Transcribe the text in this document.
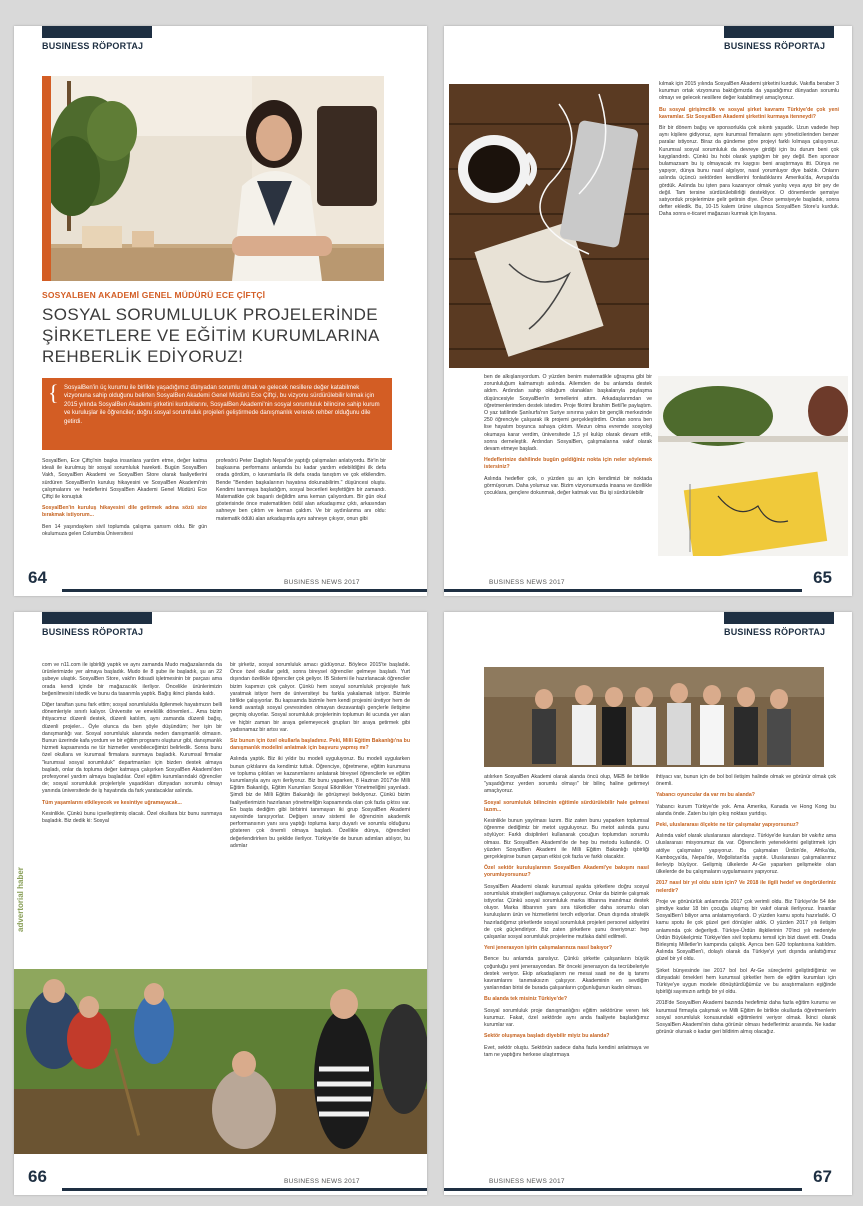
BUSINESS RÖPORTAJ
SOSYALBEN AKADEMİ GENEL MÜDÜRÜ ECE ÇİFTÇİ
SOSYAL SORUMLULUK PROJELERİNDE ŞİRKETLERE VE EĞİTİM KURUMLARINA REHBERLİK EDİYORUZ!
{ SosyalBen'in üç kurumu ile birlikte yaşadığımız dünyadan sorumlu olmak ve gelecek nesillere değer katabilmek vizyonuna sahip olduğunu belirten SosyalBen Akademi Genel Müdürü Ece Çiftçi, bu vizyonu sürdürülebilir kılmak için 2015 yılında SosyalBen Akademi şirketini kurduklarını, SosyalBen Akademi'nin sosyal sorumluluk bilincine sahip kurum ve kuruluşlar ile öğrenciler, doğru sosyal sorumluluk projeleri geliştirmede danışmanlık vererek rehber olduğunu dile getirdi.

SosyalBen, Ece Çiftçi'nin başka insanlara yardım etme, değer katma ideali ile kurulmuş bir sosyal sorumluluk hareketi. Bugün SosyalBen Vakfı, SosyalBen Akademi ve SosyalBen Store olarak faaliyetlerini sürdüren SosyalBen'in kuruluş hikayesini ve SosyalBen Akademi'nin çalışmalarını ve hedeflerini SosyalBen Akademi Genel Müdürü Ece Çiftçi ile konuştuk

SosyalBen'in kuruluş hikayesini dile getirmek adına sözü size bırakmak istiyorum...

Ben 14 yaşındayken sivil toplumda çalışma şansım oldu. Bir gün okulumuza gelen Columbia Üniversitesi

profesörü Peter Daglish Nepal'de yaptığı çalışmaları anlatıyordu. Bir'in bir başkasına performans anlamda bu kadar yardım edebildiğini ilk defa orada gördüm, o kavramlarla ilk defa orada tanıştım ve çok etkilendim. Bende "Benden başkalarının hayatına dokunabilirim." düşüncesi oluştu. Kendimi tanımaya başladığım, sosyal becerileri keşfettiğim bir zamandı. Matematikte çok başarılı değildim ama keman çalıyordum. Bir gün okul gösterisinde önce matematikten ödül alan arkadaşımız çıktı, arkasından sahneye ben çıktım ve keman çaldım. Ve bir aydınlanma anı oldu: matematik ödülü alan arkadaşımla aynı sahneye çıkıyor, onun gibi

64	BUSINESS NEWS 2017
BUSINESS RÖPORTAJ

kılmak için 2015 yılında SosyalBen Akademi şirketini kurduk. Vakıfla beraber 3 kurumun ortak vizyonuna baktığımızda da yaşadığımız dünyadan sorumlu olmayı ve gelecek nesillere değer katabilmeyi amaçlıyoruz.

Bu sosyal girişimcilik ve sosyal şirket kavramı Türkiye'de çok yeni kavramlar. Siz SosyalBen Akademi şirketini kurmaya itenneydi?

Bir bir dönem bağış ve sponsorlukla çok sıkıntı yaşadık. Uzun vadede hep aynı kişilere gidiyoruz, aynı kurumsal firmaların aynı yöneticilerinden benzer paralar istiyoruz. Biraz da gündeme göre projeyi farklı kılmaya çalışıyoruz. Kurumsal sosyal sorumluluk da devreye girdiği için bu durum beni çok kaygılandırdı. Çünkü bu hobi olarak yaptığım bir şey değil. Ben sponsor bulamazsam bu iş olmayacak mı kaygısı beni araştırmaya itti. Dünya ne yapıyor, dünya bunu nasıl algılıyor, nasıl yorumluyor diye baktık. Onların aslında üçüncü sektörden kendilerini fonladıklarını Amerika'da, Avrupa'da gördük. Aslında bu işten para kazanıyor olmak yanlış veya ayıp bir şey de değil. Tam tersine sürdürülebilirliği destekliyor. O dönemlerde şemsiye satıyorduk projelerimize gelir getirsin diye. Önce şemsiyeyle başladık, sonra defter ekledik. Bu, 10-15 kalem ürüne ulaşınca SosyalBen Store'u kurduk. Daha sonra e-ticaret mağazası kurmak için lisyana.

ben de alkışlanıyordum. O yüzden benim matematikle uğraşma gibi bir zorunluluğum kalmamıştı aslında. Ailemden de bu anlamda destek aldım. Ardından sahip olduğum olanakları başkalarıyla paylaşma düşüncesiyle SosyalBen'in temellerini attım. Arkadaşlarımdan ve öğretmenlerimden destek istedim. Proje fikrimi İbrahim Betil'le paylaştım. O yaz tatilinde Şanlıurfa'nın Suriye sınırına yakın bir gençlik merkezinde 250 öğrenciyle çalışarak ilk projemi gerçekleştirdim. Ondan sonra ben lise hayatım boyunca sahaya çıktım. Mezun olma evremde sosyoloji okumaya karar verdim, üniversitede 1,5 yıl kulüp olarak devam ettik, sonra derneleştik. Ardından SosyalBen, çalışmalarına vakıf olarak devam etmeye başladı.

Hedeflerinize dahilinde bugün geldiğiniz nokta için neler söylemek istersiniz?

Aslında hedefler çok, o yüzden şu an için kendimizi bir noktada görmüyorum. Daha yolumuz var. Bizim vizyonumuzda insana ve özellikle çocuklara, gençlere dokunmak, değer katmak var. Bu işi sürdürülebilir

BUSINESS NEWS 2017	65
BUSINESS RÖPORTAJ
advertorial haber

com ve n11.com ile işbirliği yaptık ve aynı zamanda Mudo mağazalarında da ürünlerimizde yer almaya başladık. Mudo ile 8 şube ile başladık, şu an 22 şubeye ulaştık. SosyalBen Store, vakfın iktisadi işletmesinin bir parçası ama orada kendi içinde bir mağazacılık ilerliyor. Öncelikle ürünlerimizin beğenilmesini istedik ve bunu da tasarımla yaptık. Bağış ikinci planda kaldı.

Diğer taraftan şunu fark ettim; sosyal sorumlulukla ilgilenmek hayatımızın belli dönemleriyle sınırlı kalıyor. Üniversite ve emeklilik dönemleri... Ama bizim ihtiyacımız düzenli destek, düzenli katılım, aynı zamanda düzenli bağış, düzenli projeler... Öyle olunca da ben şöyle düşündüm; her işin bir danışmanlığı var. Sosyal sorumluluk alanında neden danışmanlık olmasın. Bunun üzerinde kafa yordum ve bir eğitim programı oluşturur gibi, danışmanlık hizmeti kapsamında ne tür hizmetler verebileceğimizi belirledik. Sonra bunu özel okullara ve kurumsal firmalara sunmaya başladık. Kurumsal firmalar "kurumsal sosyal sorumluluk" departmanları için bizden destek almaya başladı, onlar da topluma değer katmaya çalışırken SosyalBen Akademi'den profesyonel yardım almaya başladılar. Özel eğitim kurumlarındaki öğrenciler de; sosyal sorumluluk projeleriyle yaşadıkları dünyadan sorumlu olmayı yanında üniversitede de iş hayatında da fark yaratacaklar aslında.

Tüm yaşamlarını etkileyecek ve kesintiye uğramayacak...

Kesinlikle. Çünkü bunu içselleştirmiş olacak. Özel okullara biz bunu sunmaya başladık. Biz dedik ki: Sosyal

bir şirketiz, sosyal sorumluluk amacı güdüyoruz. Böylece 2015'te başladık. Önce özel okullar geldi, sonra bireysel öğrenciler gelmeye başladı. Yurt dışından özellikle öğrenciler çok geliyor. IB Sistemi ile hazırlanacak öğrenciler bizim kapımızı çok çalıyor. Çünkü hem sosyal sorumluluk projesiyle fark yaratmak istiyor hem de üniversiteyi bu farkla yakalamak istiyor. Bizimle birlikte çalışıyorlar. Bu kapsamda bizimle hem kendi projesini üretiyor hem de kendi avantajlı sosyal çevresinden olmayan dezavantajlı gençlerle iletişime geçmiş oluyorlar. Sosyal sorumluluk projelerinin toplumun iki ucunda yer alan ve hiçbir zaman bir araya gelemeyecek grupları bir araya getirmek gibi yadsınamaz bir artısı var.

Siz bunun için özel okullarla başladınız. Peki, Milli Eğitim Bakanlığı'na bu danışmanlık modelini anlatmak için başvuru yapmış mı?

Aslında yaptık. Biz iki yıldır bu modeli uyguluyoruz. Bu modeli uygularken bunun çıktılarını da kendimiz tuttuk. Öğrenciye, öğretmene, eğitim kurumuna ve topluma çıktıları ve kazanımlarını anlatarak bireysel öğrencilerle ve eğitim kurumlarıyla aynı ayrı ilerliyoruz. Biz bunu yaparken, 8 Haziran 2017'de Milli Eğitim Bakanlığı, Eğitim Kurumları Sosyal Etkinlikler Yönetmeliğini yayınladı. Şimdi biz de Milli Eğitim Bakanlığı ile görüşmeyi bekliyoruz. Çünkü bizim faaliyetlerimizin hazırlanan yönetmeliğin kapsamında olan çok fazla çıktısı var. En başta dediğim gibi birbirini tanımayan iki grup SosyalBen Akademi sayesinde tanışıyorlar. Değişen sınav sistemi ile öğrencinin akademik performansının yanı sıra yaptığı topluma karşı duyarlı ve sorumlu olduğunu gösteren çok önemli olmaya başladı. Özellikle dünya, öğrencileri değerlendirirken bu şekilde ilerliyor. Türkiye'de de bunun adımları atılıyor, bu adımlar

66	BUSINESS NEWS 2017
BUSINESS RÖPORTAJ

atılırken SosyalBen Akademi olarak alanda öncü olup, MEB ile birlikte "yaşadığımız yerden sorumlu olmayı" bir bilinç haline getirmeyi amaçlıyoruz.

Sosyal sorumluluk bilincinin eğitimle sürdürülebilir hale gelmesi lazım...

Kesinlikle bunun yayılması lazım. Biz zaten bunu yaparken toplumsal öğrenme dediğimiz bir metot uyguluyoruz. Bu metot aslında şunu söylüyor: Farklı disiplinleri kullanarak çocuğun toplumdan sorumlu olması. Biz SosyalBen Akademi'de de hep bu metodu kullandık. O yüzden SosyalBen Akademi ile Milli Eğitim Bakanlığı işbirliği gerçekleşirse bunun çarpan etkisi çok fazla ve farklı olacaktır.

Özel sektör kuruluşlarının SosyalBen Akademi'ye bakışını nasıl yorumluyorsunuz?

SosyalBen Akademi olarak kurumsal ayakta şirketlere doğru sosyal sorumluluk stratejileri sağlamaya çalışıyoruz. Onlar da bizimle çalışmak istiyorlar. Çünkü sosyal sorumluluk marka itibarına inanılmaz destek oluyor. Marka itibarının yanı sıra tüketiciler daha sorumlu olan kuruluşların ürün ve hizmetlerini tercih ediyorlar. Onun dışında stratejik hazırladığımız şirketlerde sosyal sorumluluk projeleri personel aidiyetini de çok güçlendiriyor. Biz zaten şirketlere şunu öneriyoruz: hep çalışanlar sosyal sorumluluk projelerine mutlaka dahil edilmeli.

Yeni jenerasyon işirin çalışmalarınıza nasıl bakıyor?

Bence bu anlamda şanslıyız. Çünkü şirkette çalışanların büyük çoğunluğu yeni jenerasyondan. Bir önceki jenerasyon da tecrübeleriyle destek veriyor. Ekip arkadaşlarım ne mesai saati ne de iş tanımı kavramlarını tanımaksızın çalışıyor. Akademinin en sevdiğim yanlarından birisi de burada çalışanların çoğunluğunun kadın olması.

Bu alanda tek misiniz Türkiye'de?

Sosyal sorumluluk proje danışmanlığını eğitim sektörüne veren tek kurumuz. Fakat, özel sektörde aynı anda faaliyete başladığımız kurumlar var.

Sektör oluşmaya başladı diyebilir miyiz bu alanda?

Evet, sektör oluştu. Sektörün sadece daha fazla kendini anlatmaya ve tam ne yaptığını herkese ulaştırmaya

ihtiyacı var, bunun için de bol bol iletişim halinde olmak ve görünür olmak çok önemli.

Yabancı oyuncular da var mı bu alanda?

Yabancı kurum Türkiye'de yok. Ama Amerika, Kanada ve Hong Kong bu alanda önde. Zaten bu işin çıkış noktası yurtdışı.

Peki, uluslararası ölçekte ne tür çalışmalar yapıyorsunuz?

Aslında vakıf olarak uluslararası alandayız. Türkiye'de kurulan bir vakıfız ama uluslararası misyonumuz da var. Öğrencilerin yeteneklerini geliştirmek için atölye çalışmaları yapıyoruz. Bu çalışmaları Ürdün'de, Afrika'da, Kamboçya'da, Nepal'de, Moğolistan'da yaptık. Uluslararası çalışmalarımız ilerleyip büyüyor. Gelişmiş ülkelerde Ar-Ge yaparken gelişmekte olan ülkelerde de bu çalışmaların uygulamasını yapıyoruz.

2017 nasıl bir yıl oldu sizin için? Ve 2018 ile ilgili hedef ve öngörüleriniz nelerdir?

Proje ve görünürlük anlamında 2017 çok verimli oldu. Biz Türkiye'de 54 ilde şimdiye kadar 18 bin çocuğa ulaşmış bir vakıf olarak ilerliyoruz. İnsanlar SosyalBen'i biliyor ama anlatamıyorlardı. O yüzden kamu spotu hazırladık. O kamu spotu ile çok güzel geri dönüşler aldık. O yüzden 2017 yılı iletişim anlamında çok değerliydi. Türkiye-Ürdün ilişkilerinin 70'inci yılı nedeniyle Ürdün Büyükelçimiz Türkiye'den sivil toplumu temsil için bizi davet etti. Orada Birleşmiş Milletler'in kampında çalıştık. Ayrıca ben G20 toplantısına katıldım. Aslında SosyalBen'i, dolaylı olarak da Türkiye'yi yurt dışında anlattığımız güzel bir yıl oldu.

Şirket bünyesinde ise 2017 bol bol Ar-Ge süreçlerini geliştirdiğimiz ve dünyadaki örnekleri hem kurumsal şirketler hem de eğitim kurumları için Türkiye'ye uygun modele dönüştürdüğümüz ve bu araştırmaların eşiğinde işbirliği sayımızın arttığı bir yıl oldu.

2018'de SosyalBen Akademi bazında hedefimiz daha fazla eğitim kurumu ve kurumsal firmayla çalışmak ve Milli Eğitim ile birlikte okullarda öğretmenlerin sosyal sorumluluk konusundaki eğitimlerini veriyor olmak. İkinci olarak SosyalBen Akademi'nin daha görünür olması hedeflerimiz arasında. Ne kadar görünür olursak o kadar geri bildirim almış olacağız.

BUSINESS NEWS 2017	67
